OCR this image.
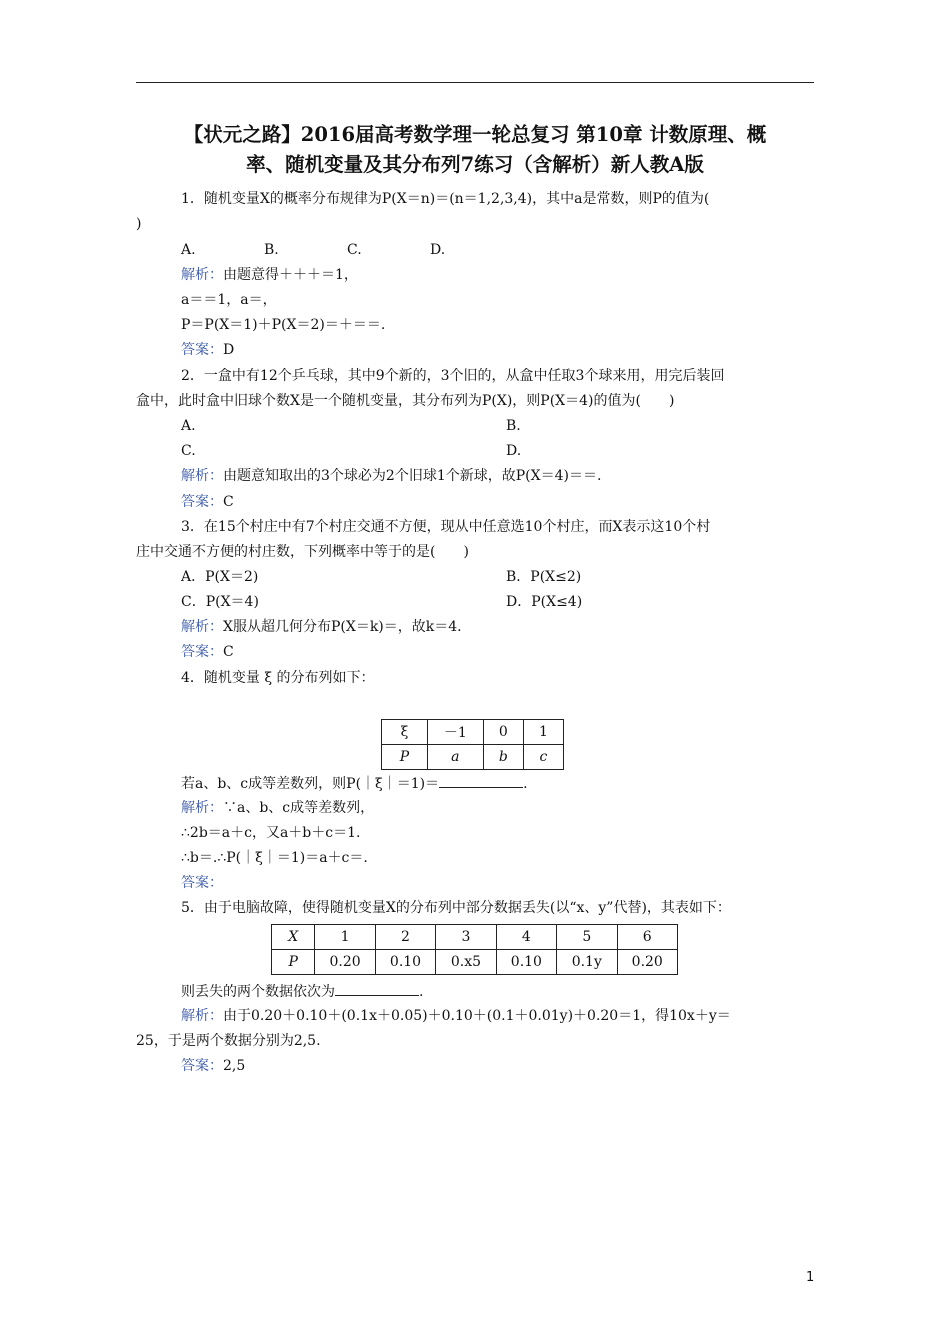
【状元之路】2016届高考数学理一轮总复习 第10章 计数原理、概
率、随机变量及其分布列7练习（含解析）新人教A版
1．随机变量X的概率分布规律为P(X＝n)＝(n＝1,2,3,4)，其中a是常数，则P的值为(
)
A.	B.	C.	D.
解析：由题意得＋＋＋＝1，
a＝＝1，a＝，
P＝P(X＝1)＋P(X＝2)＝＋＝＝.
答案：D
2．一盒中有12个乒乓球，其中9个新的，3个旧的，从盒中任取3个球来用，用完后装回
盒中，此时盒中旧球个数X是一个随机变量，其分布列为P(X)，则P(X＝4)的值为(　　)
A.	B.
C.	D.
解析：由题意知取出的3个球必为2个旧球1个新球，故P(X＝4)＝＝.
答案：C
3．在15个村庄中有7个村庄交通不方便，现从中任意选10个村庄，而X表示这10个村
庄中交通不方便的村庄数，下列概率中等于的是(　　)
A．P(X＝2)	B．P(X≤2)
C．P(X＝4)	D．P(X≤4)
解析：X服从超几何分布P(X＝k)＝，故k＝4.
答案：C
4．随机变量 ξ 的分布列如下：
ξ	－1	0	1
P	a	b	c
若a、b、c成等差数列，则P(｜ξ｜＝1)＝	.
解析：∵a、b、c成等差数列，
∴2b＝a＋c，又a＋b＋c＝1.
∴b＝.∴P(｜ξ｜＝1)＝a＋c＝.
答案：
5．由于电脑故障，使得随机变量X的分布列中部分数据丢失(以“x、y”代替)，其表如下：
X	1	2	3	4	5	6
P	0.20	0.10	0.x5	0.10	0.1y	0.20
则丢失的两个数据依次为	.
解析：由于0.20＋0.10＋(0.1x＋0.05)＋0.10＋(0.1＋0.01y)＋0.20＝1，得10x＋y＝
25，于是两个数据分别为2,5.
答案：2,5
1
